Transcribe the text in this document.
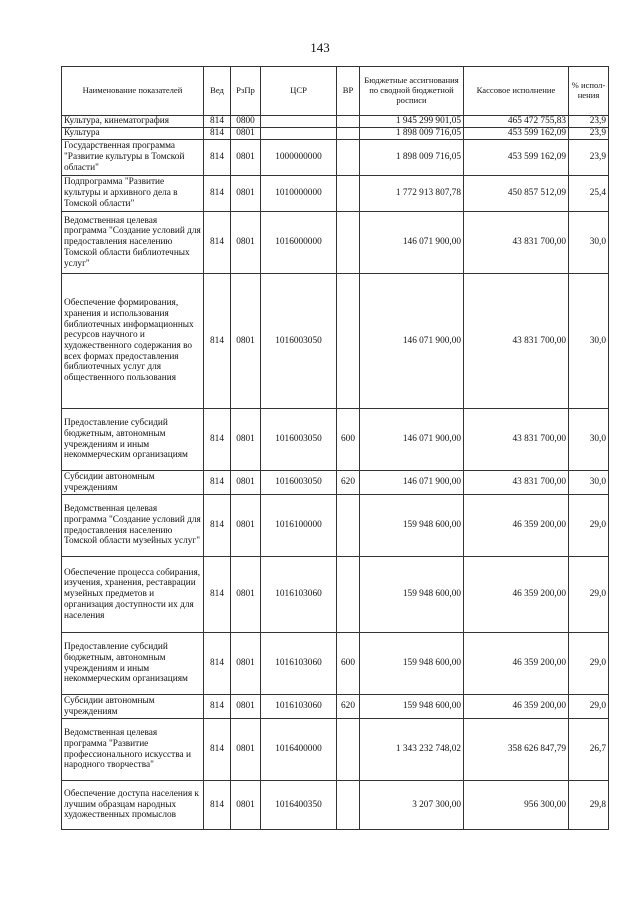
143
Наименование показателей	Вед	РзПр	ЦСР	ВР	Бюджетные ассигнования по сводной бюджетной росписи	Кассовое исполнение	% испол-нения
Культура, кинематография	814	0800			1 945 299 901,05	465 472 755,83	23,9
Культура	814	0801			1 898 009 716,05	453 599 162,09	23,9
Государственная программа "Развитие культуры в Томской области"	814	0801	1000000000		1 898 009 716,05	453 599 162,09	23,9
Подпрограмма "Развитие культуры и архивного дела в Томской области"	814	0801	1010000000		1 772 913 807,78	450 857 512,09	25,4
Ведомственная целевая программа "Создание условий для предоставления населению Томской области библиотечных услуг"	814	0801	1016000000		146 071 900,00	43 831 700,00	30,0
Обеспечение формирования, хранения и использования библиотечных информационных ресурсов научного и художественного содержания во всех формах предоставления библиотечных услуг для общественного пользования	814	0801	1016003050		146 071 900,00	43 831 700,00	30,0
Предоставление субсидий бюджетным, автономным учреждениям и иным некоммерческим организациям	814	0801	1016003050	600	146 071 900,00	43 831 700,00	30,0
Субсидии автономным учреждениям	814	0801	1016003050	620	146 071 900,00	43 831 700,00	30,0
Ведомственная целевая программа "Создание условий для предоставления населению Томской области музейных услуг"	814	0801	1016100000		159 948 600,00	46 359 200,00	29,0
Обеспечение процесса собирания, изучения, хранения, реставрации музейных предметов и организация доступности их для населения	814	0801	1016103060		159 948 600,00	46 359 200,00	29,0
Предоставление субсидий бюджетным, автономным учреждениям и иным некоммерческим организациям	814	0801	1016103060	600	159 948 600,00	46 359 200,00	29,0
Субсидии автономным учреждениям	814	0801	1016103060	620	159 948 600,00	46 359 200,00	29,0
Ведомственная целевая программа "Развитие профессионального искусства и народного творчества"	814	0801	1016400000		1 343 232 748,02	358 626 847,79	26,7
Обеспечение доступа населения к лучшим образцам народных художественных промыслов	814	0801	1016400350		3 207 300,00	956 300,00	29,8
